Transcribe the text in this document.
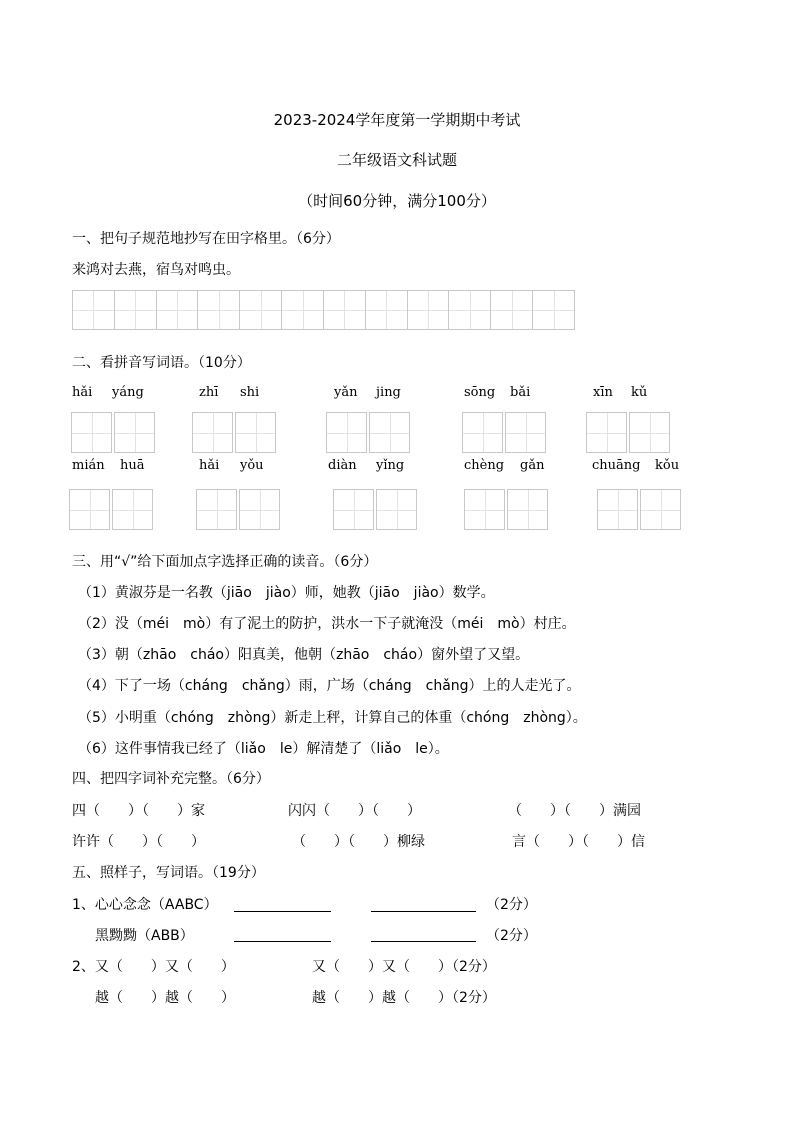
2023-2024学年度第一学期期中考试
二年级语文科试题
（时间60分钟，满分100分）
一、把句子规范地抄写在田字格里。（6分）
来鸿对去燕，宿鸟对鸣虫。
二、看拼音写词语。（10分）
hǎi yáng	zhī shi	yǎn jing	sōng bǎi	xīn kǔ
mián huā	hǎi yǒu	diàn yǐng	chèng gǎn	chuāng kǒu
三、用“√”给下面加点字选择正确的读音。（6分）
（1）黄淑芬是一名教（jiāo　jiào）师，她教（jiāo　jiào）数学。
（2）没（méi　mò）有了泥土的防护，洪水一下子就淹没（méi　mò）村庄。
（3）朝（zhāo　cháo）阳真美，他朝（zhāo　cháo）窗外望了又望。
（4）下了一场（cháng　chǎng）雨，广场（cháng　chǎng）上的人走光了。
（5）小明重（chóng　zhòng）新走上秤，计算自己的体重（chóng　zhòng）。
（6）这件事情我已经了（liǎo　le）解清楚了（liǎo　le）。
四、把四字词补充完整。（6分）
四（　　）（　　）家	闪闪（　　）（　　）	（　　）（　　）满园
许许（　　）（　　）	（　　）（　　）柳绿	言（　　）（　　）信
五、照样子，写词语。（19分）
1、心心念念（AABC）	（2分）
黑黝黝（ABB）	（2分）
2、又（　　）又（　　）	又（　　）又（　　）（2分）
越（　　）越（　　）	越（　　）越（　　）（2分）
